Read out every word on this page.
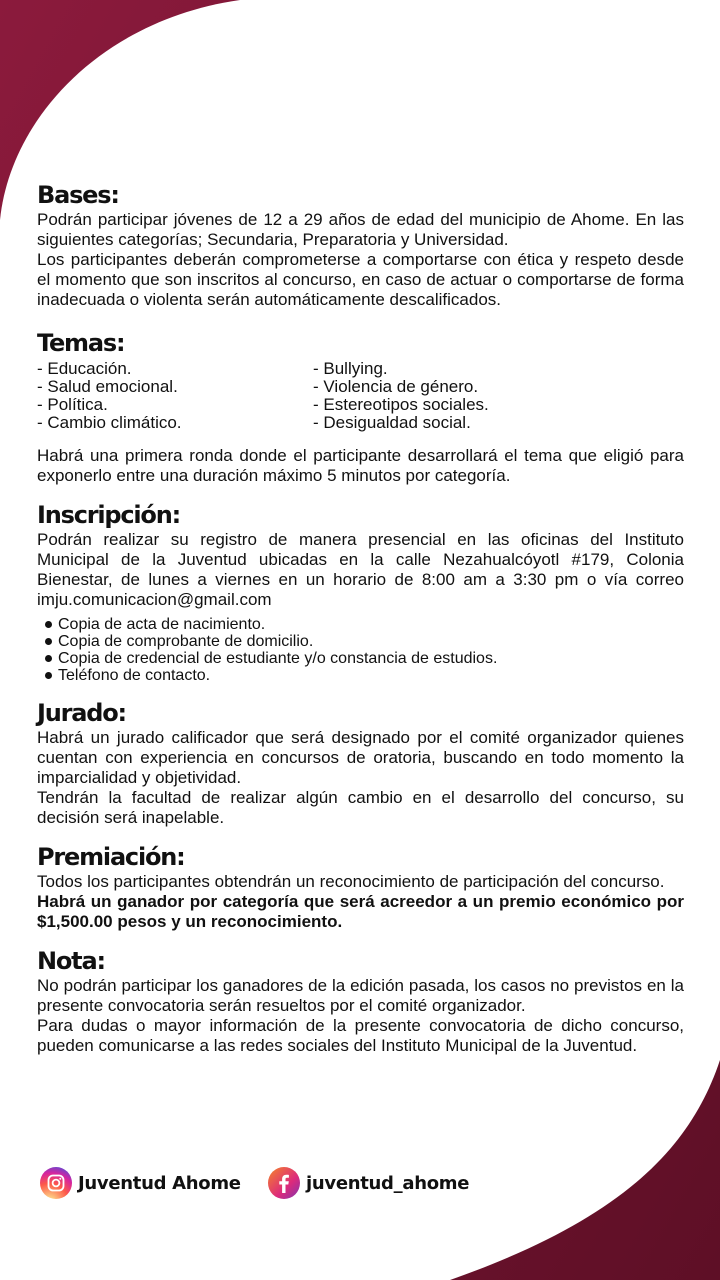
Bases:

Podrán participar jóvenes de 12 a 29 años de edad del municipio de Ahome. En las siguientes categorías; Secundaria, Preparatoria y Universidad.

Los participantes deberán comprometerse a comportarse con ética y respeto desde el momento que son inscritos al concurso, en caso de actuar o comportarse de forma inadecuada o violenta serán automáticamente descalificados.

Temas:
- Educación.
- Salud emocional.
- Política.
- Cambio climático.
- Bullying.
- Violencia de género.
- Estereotipos sociales.
- Desigualdad social.

Habrá una primera ronda donde el participante desarrollará el tema que eligió para exponerlo entre una duración máximo 5 minutos por categoría.

Inscripción:

Podrán realizar su registro de manera presencial en las oficinas del Instituto Municipal de la Juventud ubicadas en la calle Nezahualcóyotl #179, Colonia Bienestar, de lunes a viernes en un horario de 8:00 am a 3:30 pm o vía correo imju.comunicacion@gmail.com

Copia de acta de nacimiento.
Copia de comprobante de domicilio.
Copia de credencial de estudiante y/o constancia de estudios.
Teléfono de contacto.
Jurado:

Habrá un jurado calificador que será designado por el comité organizador quienes cuentan con experiencia en concursos de oratoria, buscando en todo momento la imparcialidad y objetividad.

Tendrán la facultad de realizar algún cambio en el desarrollo del concurso, su decisión será inapelable.

Premiación:

Todos los participantes obtendrán un reconocimiento de participación del concurso.

Habrá un ganador por categoría que será acreedor a un premio económico por $1,500.00 pesos y un reconocimiento.

Nota:

No podrán participar los ganadores de la edición pasada, los casos no previstos en la presente convocatoria serán resueltos por el comité organizador.

Para dudas o mayor información de la presente convocatoria de dicho concurso, pueden comunicarse a las redes sociales del Instituto Municipal de la Juventud.

Juventud Ahome	juventud_ahome
